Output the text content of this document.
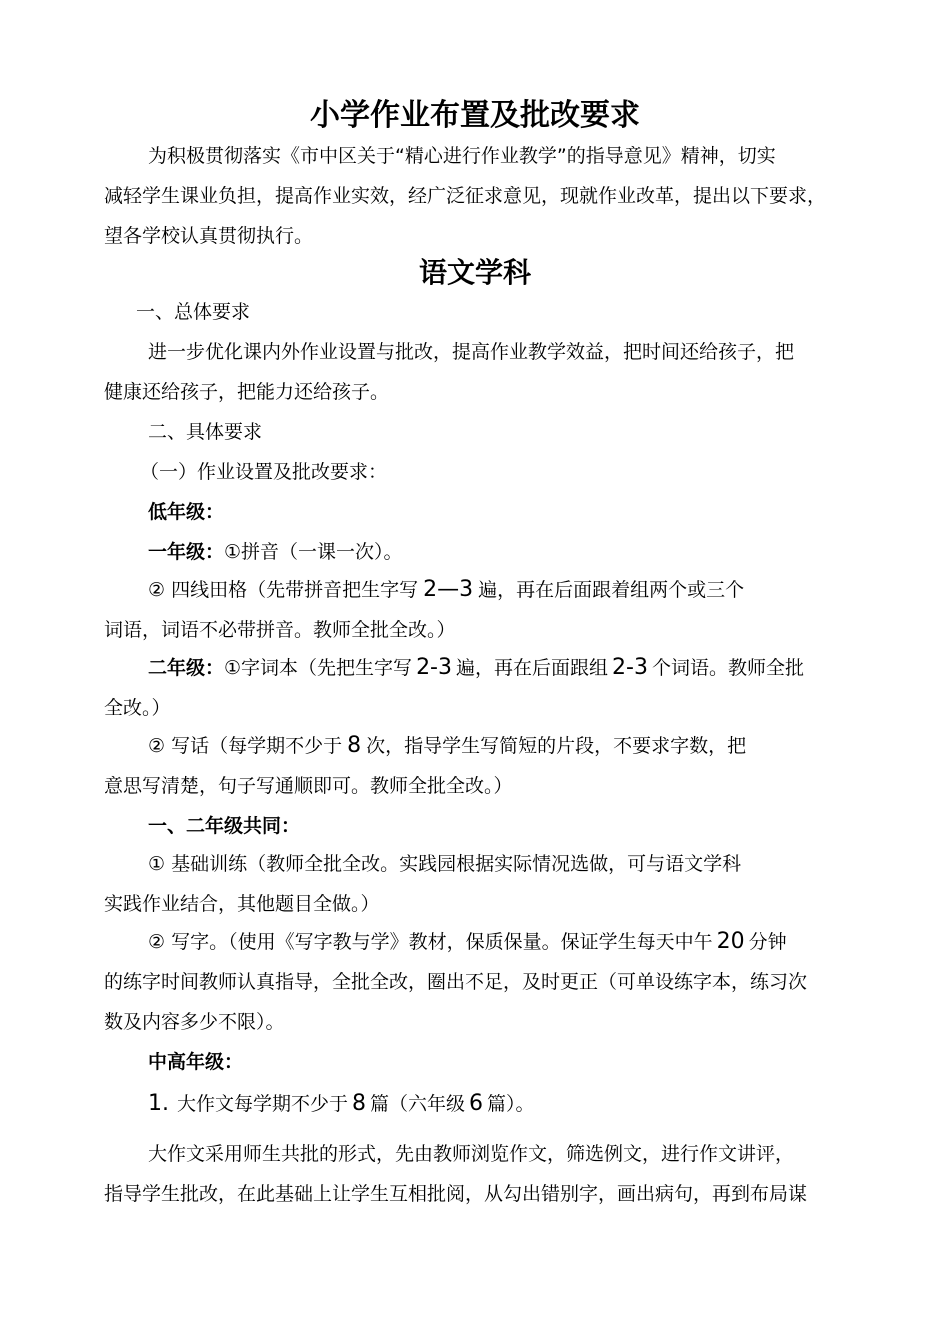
小学作业布置及批改要求

为积极贯彻落实《市中区关于“精心进行作业教学”的指导意见》精神，切实

减轻学生课业负担，提高作业实效，经广泛征求意见，现就作业改革，提出以下要求，

望各学校认真贯彻执行。

语文学科

一、总体要求

进一步优化课内外作业设置与批改，提高作业教学效益，把时间还给孩子，把

健康还给孩子，把能力还给孩子。

二、具体要求

（一）作业设置及批改要求：

低年级：

一年级：①拼音（一课一次）。

② 四线田格（先带拼音把生字写 2—3 遍，再在后面跟着组两个或三个

词语，词语不必带拼音。教师全批全改。）

二年级：①字词本（先把生字写 2-3 遍，再在后面跟组 2-3 个词语。教师全批

全改。）

② 写话（每学期不少于 8 次，指导学生写简短的片段，不要求字数，把

意思写清楚，句子写通顺即可。教师全批全改。）

一、二年级共同：

① 基础训练（教师全批全改。实践园根据实际情况选做，可与语文学科

实践作业结合，其他题目全做。）

② 写字。（使用《写字教与学》教材，保质保量。保证学生每天中午 20 分钟

的练字时间教师认真指导，全批全改，圈出不足，及时更正（可单设练字本，练习次

数及内容多少不限）。

中高年级：

1. 大作文每学期不少于 8 篇（六年级 6 篇）。

大作文采用师生共批的形式，先由教师浏览作文，筛选例文，进行作文讲评，

指导学生批改，在此基础上让学生互相批阅，从勾出错别字，画出病句，再到布局谋
